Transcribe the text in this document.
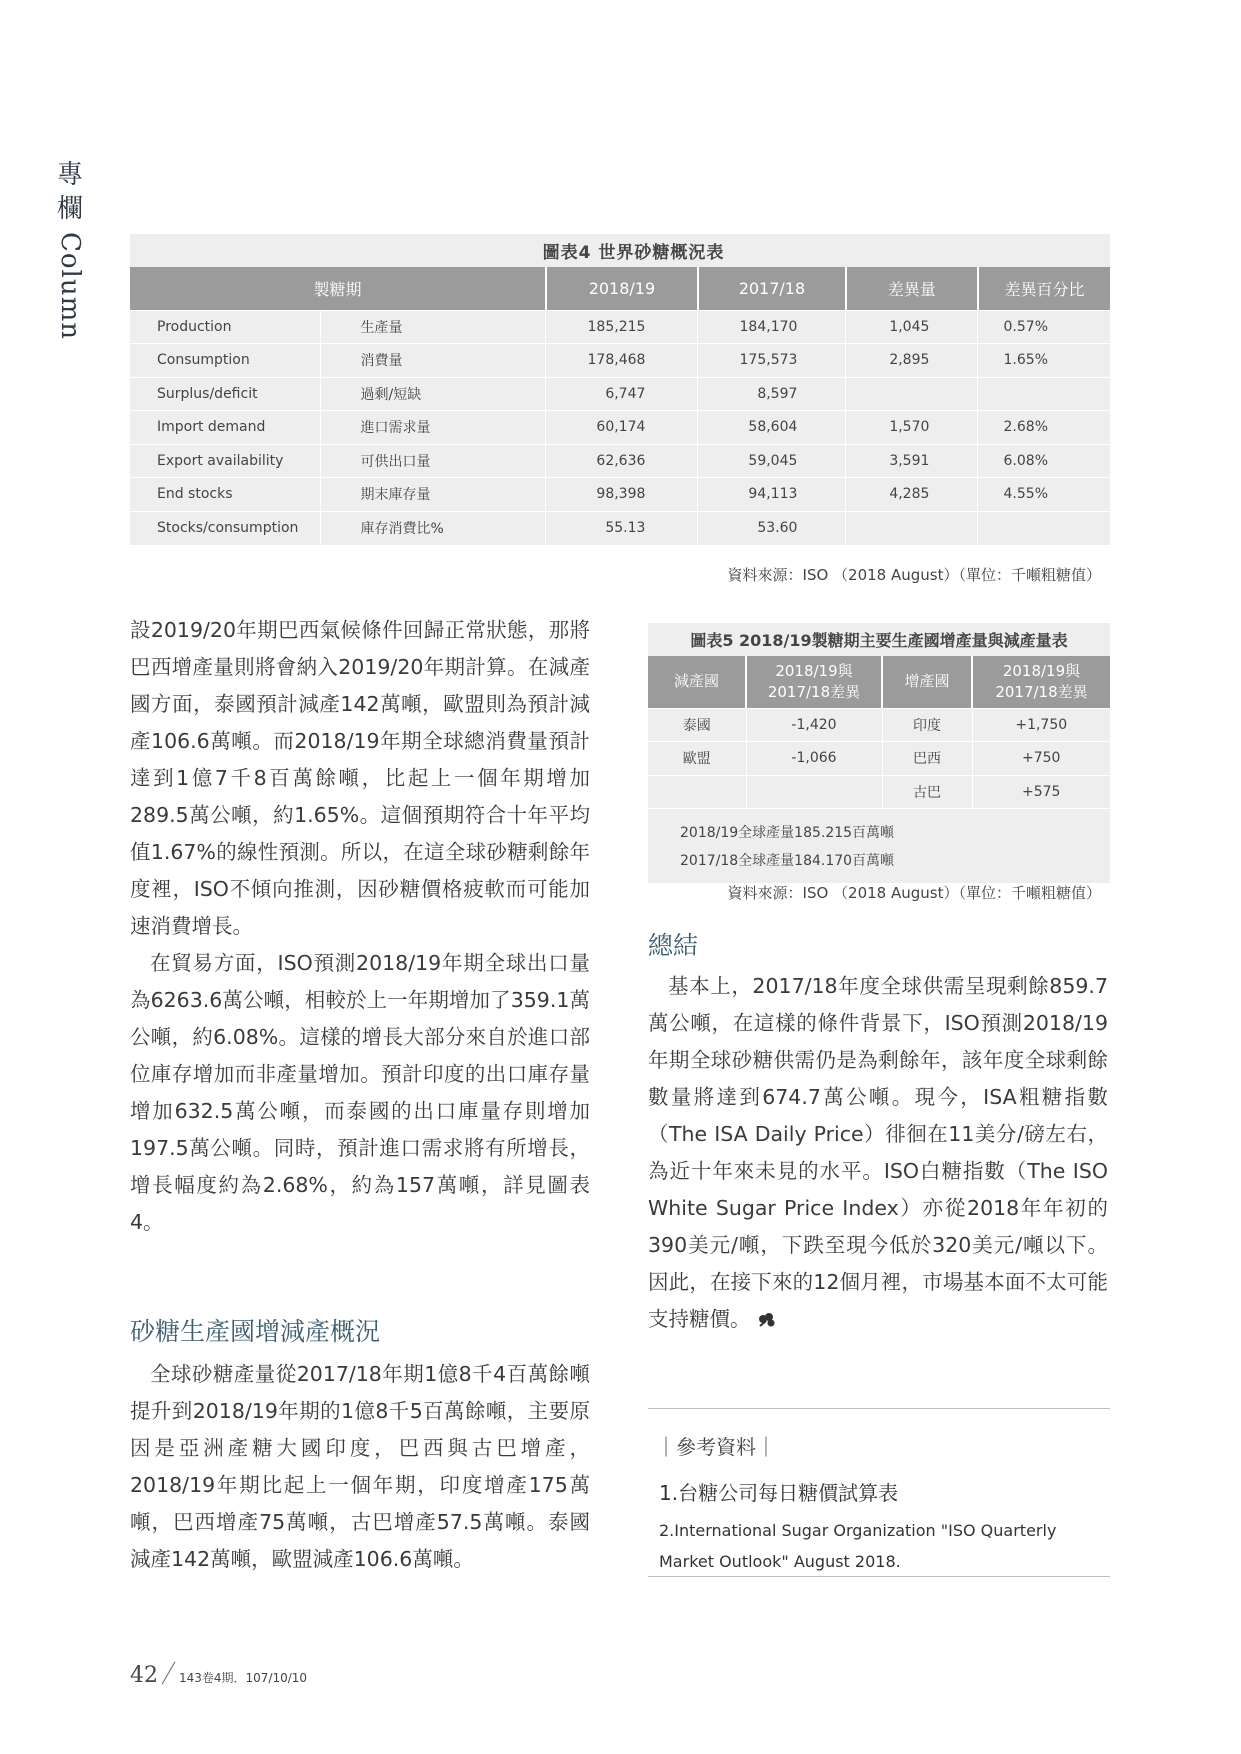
專
欄
Column	圖表4 世界砂糖概況表					
製糖期		2018/19	2017/18	差異量	差異百分比
Production	生產量	185,215	184,170	1,045	0.57%
Consumption	消費量	178,468	175,573	2,895	1.65%
Surplus/deficit	過剩/短缺	6,747	8,597		
Import demand	進口需求量	60,174	58,604	1,570	2.68%
Export availability	可供出口量	62,636	59,045	3,591	6.08%
End stocks	期末庫存量	98,398	94,113	4,285	4.55%
Stocks/consumption	庫存消費比%	55.13	53.60		
資料來源：ISO （2018 August）（單位：千噸粗糖值）

設2019/20年期巴西氣候條件回歸正常狀態，那將巴西增產量則將會納入2019/20年期計算。在減產國方面，泰國預計減產142萬噸，歐盟則為預計減產106.6萬噸。而2018/19年期全球總消費量預計達到1億7千8百萬餘噸，比起上一個年期增加289.5萬公噸，約1.65%。這個預期符合十年平均值1.67%的線性預測。所以，在這全球砂糖剩餘年度裡，ISO不傾向推測，因砂糖價格疲軟而可能加速消費增長。

在貿易方面，ISO預測2018/19年期全球出口量為6263.6萬公噸，相較於上一年期增加了359.1萬公噸，約6.08%。這樣的增長大部分來自於進口部位庫存增加而非產量增加。預計印度的出口庫存量增加632.5萬公噸，而泰國的出口庫量存則增加197.5萬公噸。同時，預計進口需求將有所增長，增長幅度約為2.68%，約為157萬噸，詳見圖表4。

砂糖生產國增減產概況

全球砂糖產量從2017/18年期1億8千4百萬餘噸提升到2018/19年期的1億8千5百萬餘噸，主要原因是亞洲產糖大國印度，巴西與古巴增產，2018/19年期比起上一個年期，印度增產175萬噸，巴西增產75萬噸，古巴增產57.5萬噸。泰國減產142萬噸，歐盟減產106.6萬噸。

圖表5 2018/19製糖期主要生產國增產量與減產量表			
減產國	2018/19與 2017/18差異	增產國	2018/19與 2017/18差異
泰國	-1,420	印度	+1,750
歐盟	-1,066	巴西	+750
		古巴	+575

2018/19全球產量185.215百萬噸
2017/18全球產量184.170百萬噸			
資料來源：ISO （2018 August）（單位：千噸粗糖值）
總結

基本上，2017/18年度全球供需呈現剩餘859.7萬公噸，在這樣的條件背景下，ISO預測2018/19年期全球砂糖供需仍是為剩餘年，該年度全球剩餘數量將達到674.7萬公噸。現今，ISA粗糖指數（The ISA Daily Price）徘徊在11美分/磅左右，為近十年來未見的水平。ISO白糖指數（The ISO White Sugar Price Index）亦從2018年年初的390美元/噸，下跌至現今低於320美元/噸以下。因此，在接下來的12個月裡，市場基本面不太可能支持糖價。

｜參考資料｜
1.台糖公司每日糖價試算表
2.International Sugar Organization "ISO Quarterly Market Outlook" August 2018.
42 143卷4期．107/10/10
